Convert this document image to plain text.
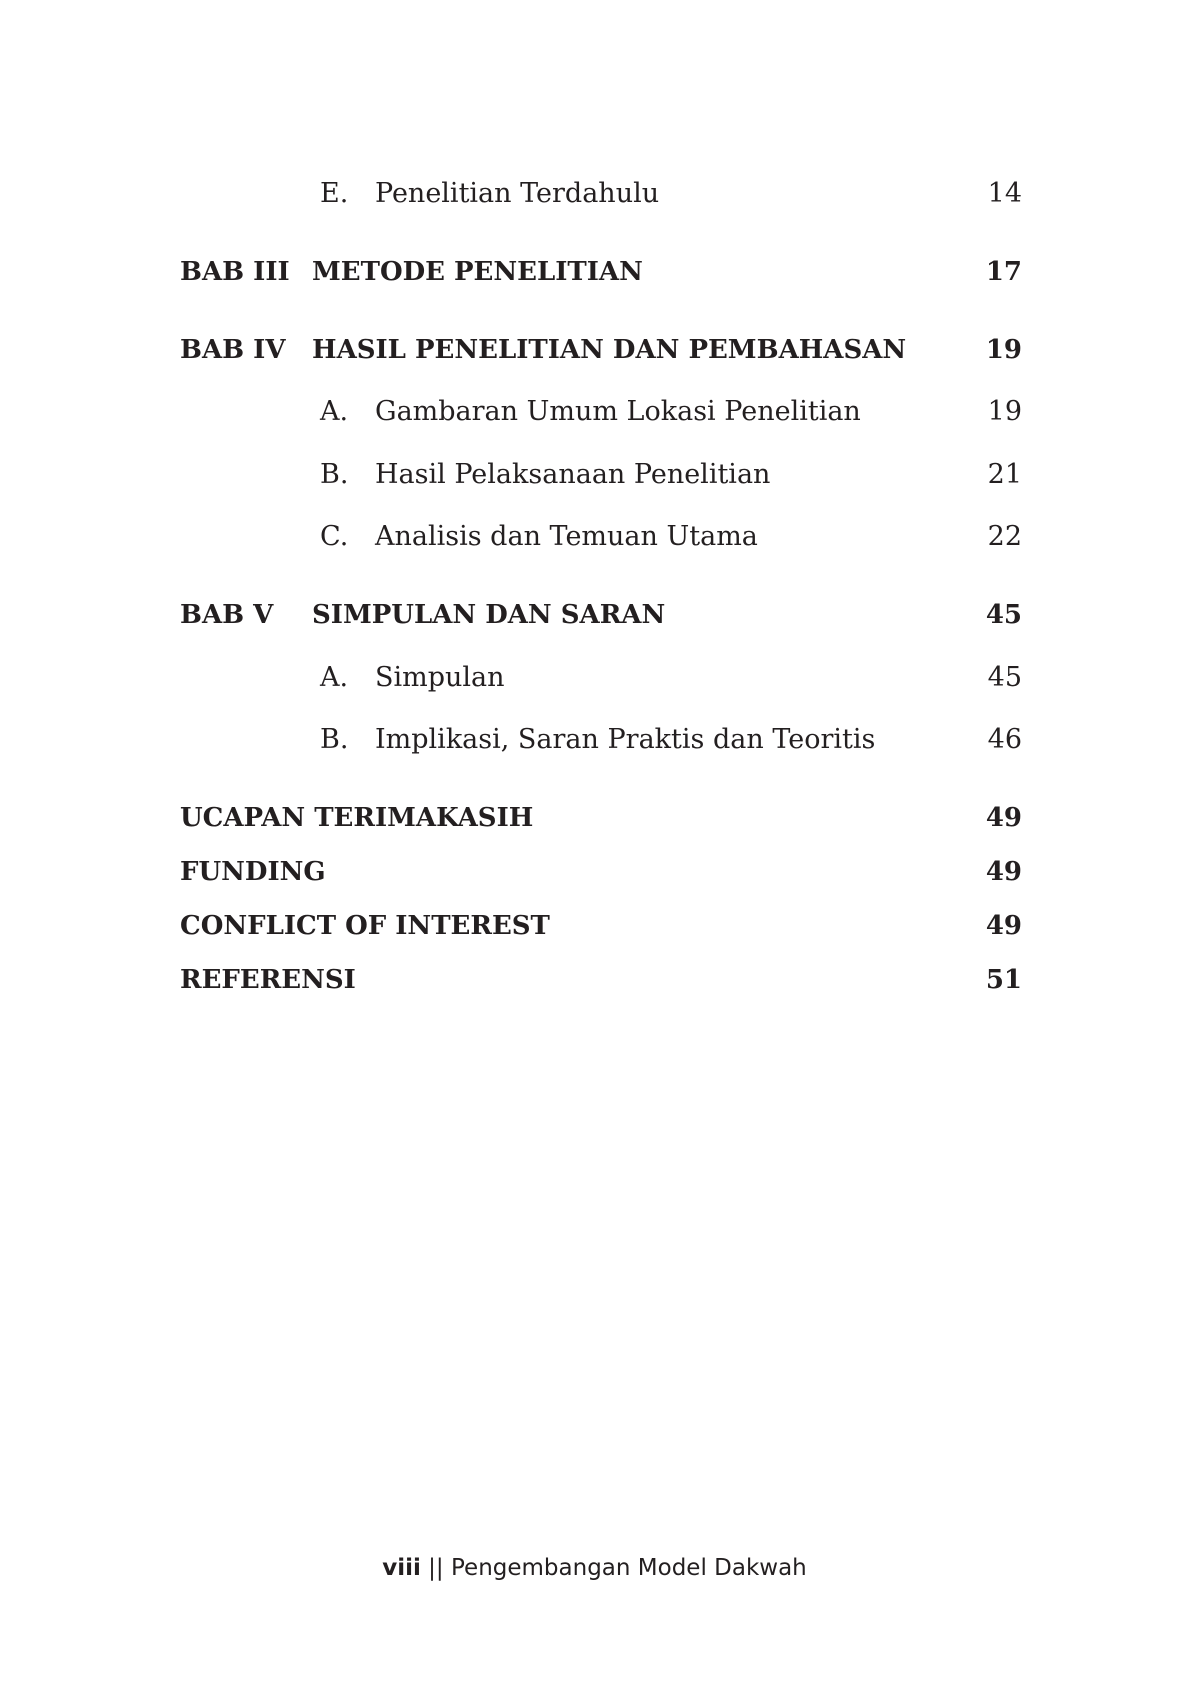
E. Penelitian Terdahulu	14
BAB III METODE PENELITIAN	17
BAB IV HASIL PENELITIAN DAN PEMBAHASAN	19
A. Gambaran Umum Lokasi Penelitian	19
B. Hasil Pelaksanaan Penelitian	21
C. Analisis dan Temuan Utama	22
BAB V SIMPULAN DAN SARAN	45
A. Simpulan	45
B. Implikasi, Saran Praktis dan Teoritis	46
UCAPAN TERIMAKASIH	49
FUNDING	49
CONFLICT OF INTEREST	49
REFERENSI	51
viii || Pengembangan Model Dakwah
